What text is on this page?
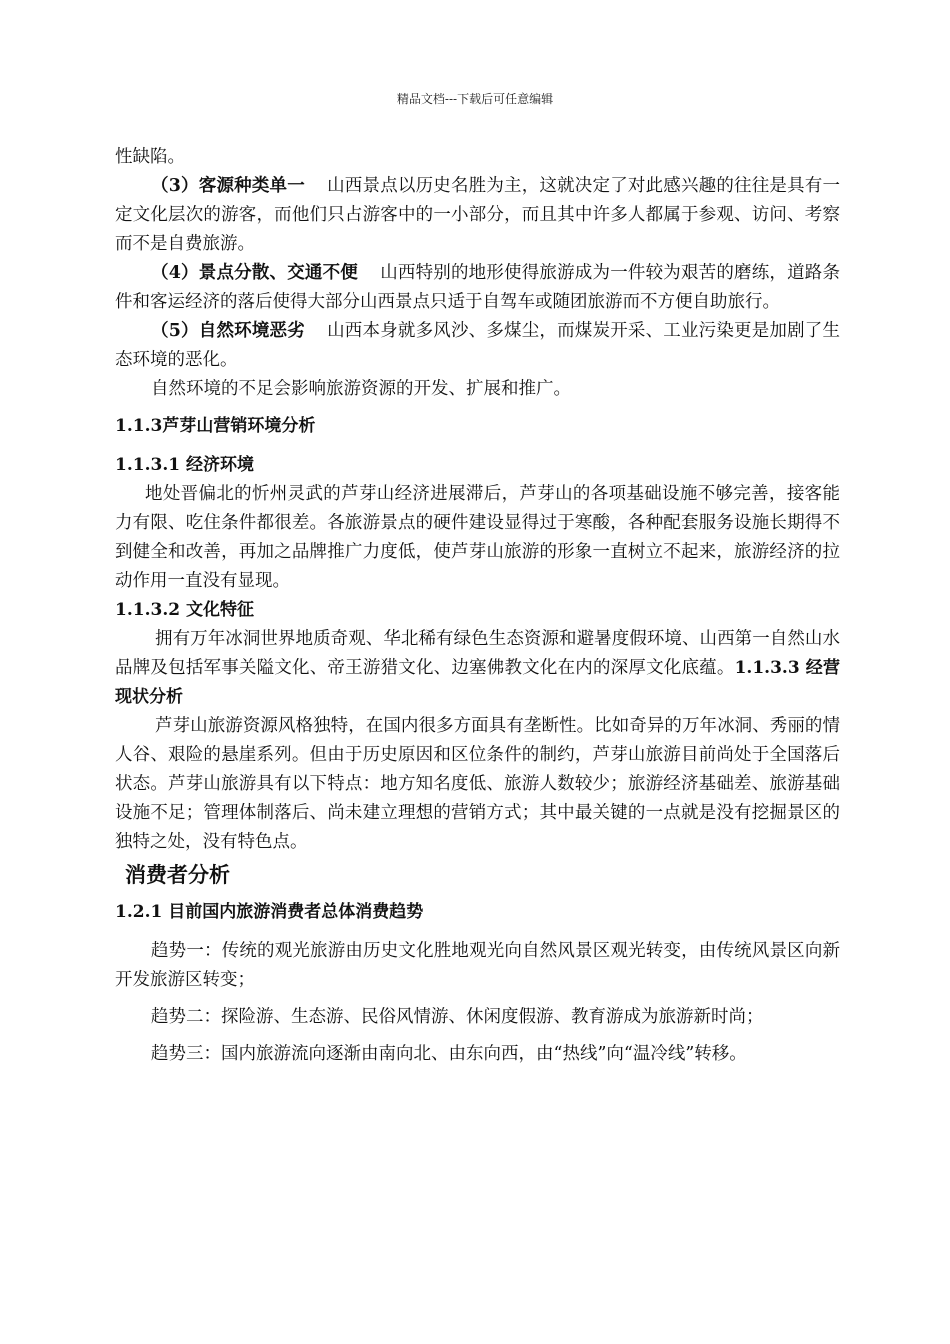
精品文档---下载后可任意编辑

性缺陷。

（3）客源种类单一 山西景点以历史名胜为主，这就决定了对此感兴趣的往往是具有一定文化层次的游客，而他们只占游客中的一小部分，而且其中许多人都属于参观、访问、考察而不是自费旅游。

（4）景点分散、交通不便 山西特别的地形使得旅游成为一件较为艰苦的磨练，道路条件和客运经济的落后使得大部分山西景点只适于自驾车或随团旅游而不方便自助旅行。

（5）自然环境恶劣 山西本身就多风沙、多煤尘，而煤炭开采、工业污染更是加剧了生态环境的恶化。

自然环境的不足会影响旅游资源的开发、扩展和推广。

1.1.3芦芽山营销环境分析

1.1.3.1 经济环境

地处晋偏北的忻州灵武的芦芽山经济进展滞后，芦芽山的各项基础设施不够完善，接客能力有限、吃住条件都很差。各旅游景点的硬件建设显得过于寒酸，各种配套服务设施长期得不到健全和改善，再加之品牌推广力度低，使芦芽山旅游的形象一直树立不起来，旅游经济的拉动作用一直没有显现。

1.1.3.2 文化特征

拥有万年冰洞世界地质奇观、华北稀有绿色生态资源和避暑度假环境、山西第一自然山水品牌及包括军事关隘文化、帝王游猎文化、边塞佛教文化在内的深厚文化底蕴。1.1.3.3 经营现状分析

芦芽山旅游资源风格独特，在国内很多方面具有垄断性。比如奇异的万年冰洞、秀丽的情人谷、艰险的悬崖系列。但由于历史原因和区位条件的制约，芦芽山旅游目前尚处于全国落后状态。芦芽山旅游具有以下特点：地方知名度低、旅游人数较少；旅游经济基础差、旅游基础设施不足；管理体制落后、尚未建立理想的营销方式；其中最关键的一点就是没有挖掘景区的独特之处，没有特色点。

消费者分析

1.2.1 目前国内旅游消费者总体消费趋势

趋势一：传统的观光旅游由历史文化胜地观光向自然风景区观光转变，由传统风景区向新开发旅游区转变；

趋势二：探险游、生态游、民俗风情游、休闲度假游、教育游成为旅游新时尚；

趋势三：国内旅游流向逐渐由南向北、由东向西，由“热线”向“温冷线”转移。
